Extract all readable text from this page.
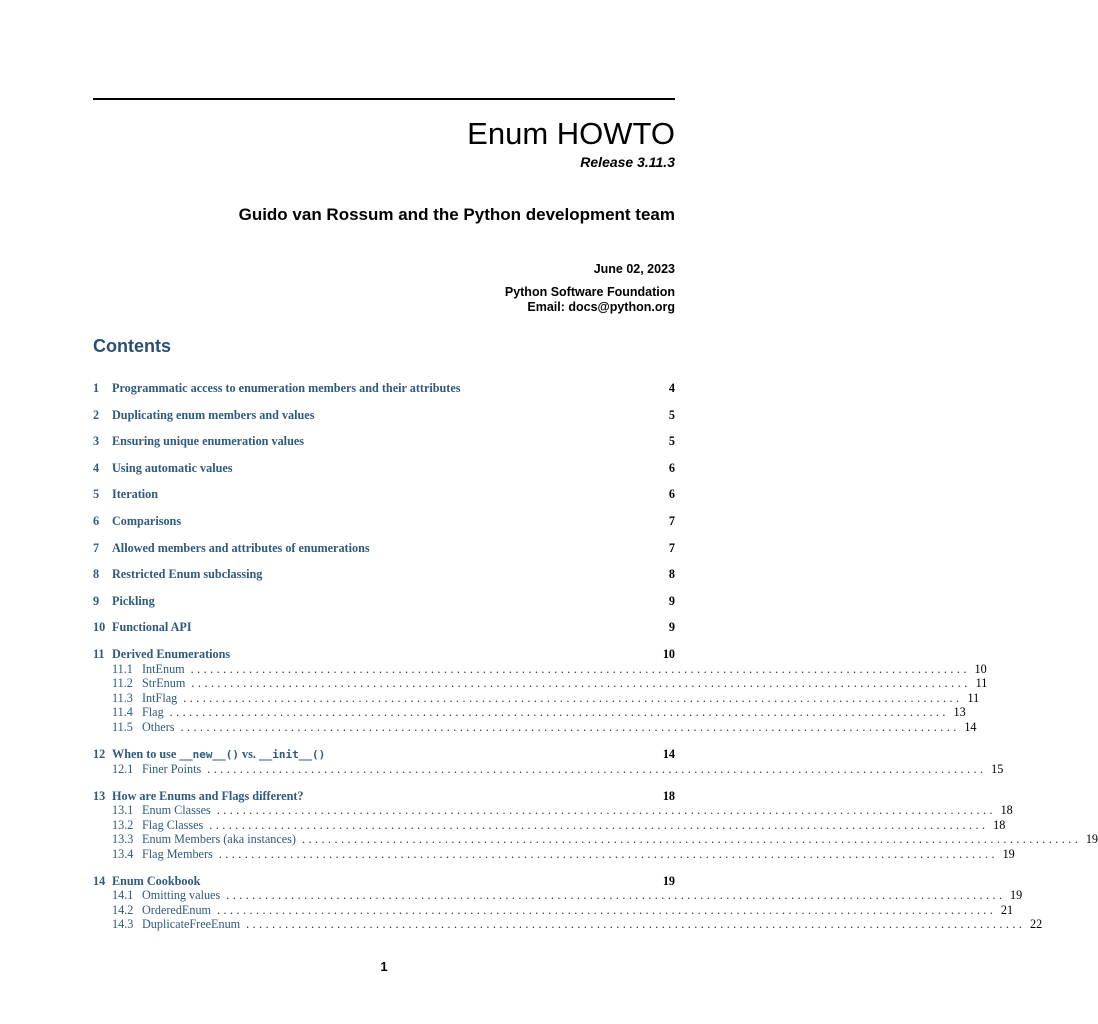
Enum HOWTO
Release 3.11.3
Guido van Rossum and the Python development team
June 02, 2023
Python Software Foundation
Email: docs@python.org
Contents
1	Programmatic access to enumeration members and their attributes	4
2	Duplicating enum members and values	5
3	Ensuring unique enumeration values	5
4	Using automatic values	6
5	Iteration	6
6	Comparisons	7
7	Allowed members and attributes of enumerations	7
8	Restricted Enum subclassing	8
9	Pickling	9
10 Functional API	9
11 Derived Enumerations	10
11.1 IntEnum . . . . . . . . . . . . . . . . . . . . . . . . . . . . . . . . . . . . . . . . . . . . . . . . . . . . . . . . . . . . . . . . . . . . . . . . . . . . . . . . . . . . . . . . . . . . . . . . . . . . . . . . . . . . . . . . . . . . . . . . 10
11.2 StrEnum . . . . . . . . . . . . . . . . . . . . . . . . . . . . . . . . . . . . . . . . . . . . . . . . . . . . . . . . . . . . . . . . . . . . . . . . . . . . . . . . . . . . . . . . . . . . . . . . . . . . . . . . . . . . . . . . . . . . . . . . 11
11.3 IntFlag . . . . . . . . . . . . . . . . . . . . . . . . . . . . . . . . . . . . . . . . . . . . . . . . . . . . . . . . . . . . . . . . . . . . . . . . . . . . . . . . . . . . . . . . . . . . . . . . . . . . . . . . . . . . . . . . . . . . . . . . 11
11.4 Flag . . . . . . . . . . . . . . . . . . . . . . . . . . . . . . . . . . . . . . . . . . . . . . . . . . . . . . . . . . . . . . . . . . . . . . . . . . . . . . . . . . . . . . . . . . . . . . . . . . . . . . . . . . . . . . . . . . . . . . . . 13
11.5 Others . . . . . . . . . . . . . . . . . . . . . . . . . . . . . . . . . . . . . . . . . . . . . . . . . . . . . . . . . . . . . . . . . . . . . . . . . . . . . . . . . . . . . . . . . . . . . . . . . . . . . . . . . . . . . . . . . . . . . . . . 14
12 When to use __new__() vs. __init__()	14
12.1 Finer Points . . . . . . . . . . . . . . . . . . . . . . . . . . . . . . . . . . . . . . . . . . . . . . . . . . . . . . . . . . . . . . . . . . . . . . . . . . . . . . . . . . . . . . . . . . . . . . . . . . . . . . . . . . . . . . . . . . . . . . . . 15
13 How are Enums and Flags different?	18
13.1 Enum Classes . . . . . . . . . . . . . . . . . . . . . . . . . . . . . . . . . . . . . . . . . . . . . . . . . . . . . . . . . . . . . . . . . . . . . . . . . . . . . . . . . . . . . . . . . . . . . . . . . . . . . . . . . . . . . . . . . . . . . . . . 18
13.2 Flag Classes . . . . . . . . . . . . . . . . . . . . . . . . . . . . . . . . . . . . . . . . . . . . . . . . . . . . . . . . . . . . . . . . . . . . . . . . . . . . . . . . . . . . . . . . . . . . . . . . . . . . . . . . . . . . . . . . . . . . . . . . 18
13.3 Enum Members (aka instances) . . . . . . . . . . . . . . . . . . . . . . . . . . . . . . . . . . . . . . . . . . . . . . . . . . . . . . . . . . . . . . . . . . . . . . . . . . . . . . . . . . . . . . . . . . . . . . . . . . . . . . . . . . . . . . . . . . . . . . . . 19
13.4 Flag Members . . . . . . . . . . . . . . . . . . . . . . . . . . . . . . . . . . . . . . . . . . . . . . . . . . . . . . . . . . . . . . . . . . . . . . . . . . . . . . . . . . . . . . . . . . . . . . . . . . . . . . . . . . . . . . . . . . . . . . . . 19
14 Enum Cookbook	19
14.1 Omitting values . . . . . . . . . . . . . . . . . . . . . . . . . . . . . . . . . . . . . . . . . . . . . . . . . . . . . . . . . . . . . . . . . . . . . . . . . . . . . . . . . . . . . . . . . . . . . . . . . . . . . . . . . . . . . . . . . . . . . . . . 19
14.2 OrderedEnum . . . . . . . . . . . . . . . . . . . . . . . . . . . . . . . . . . . . . . . . . . . . . . . . . . . . . . . . . . . . . . . . . . . . . . . . . . . . . . . . . . . . . . . . . . . . . . . . . . . . . . . . . . . . . . . . . . . . . . . . 21
14.3 DuplicateFreeEnum . . . . . . . . . . . . . . . . . . . . . . . . . . . . . . . . . . . . . . . . . . . . . . . . . . . . . . . . . . . . . . . . . . . . . . . . . . . . . . . . . . . . . . . . . . . . . . . . . . . . . . . . . . . . . . . . . . . . . . . . 22
1
